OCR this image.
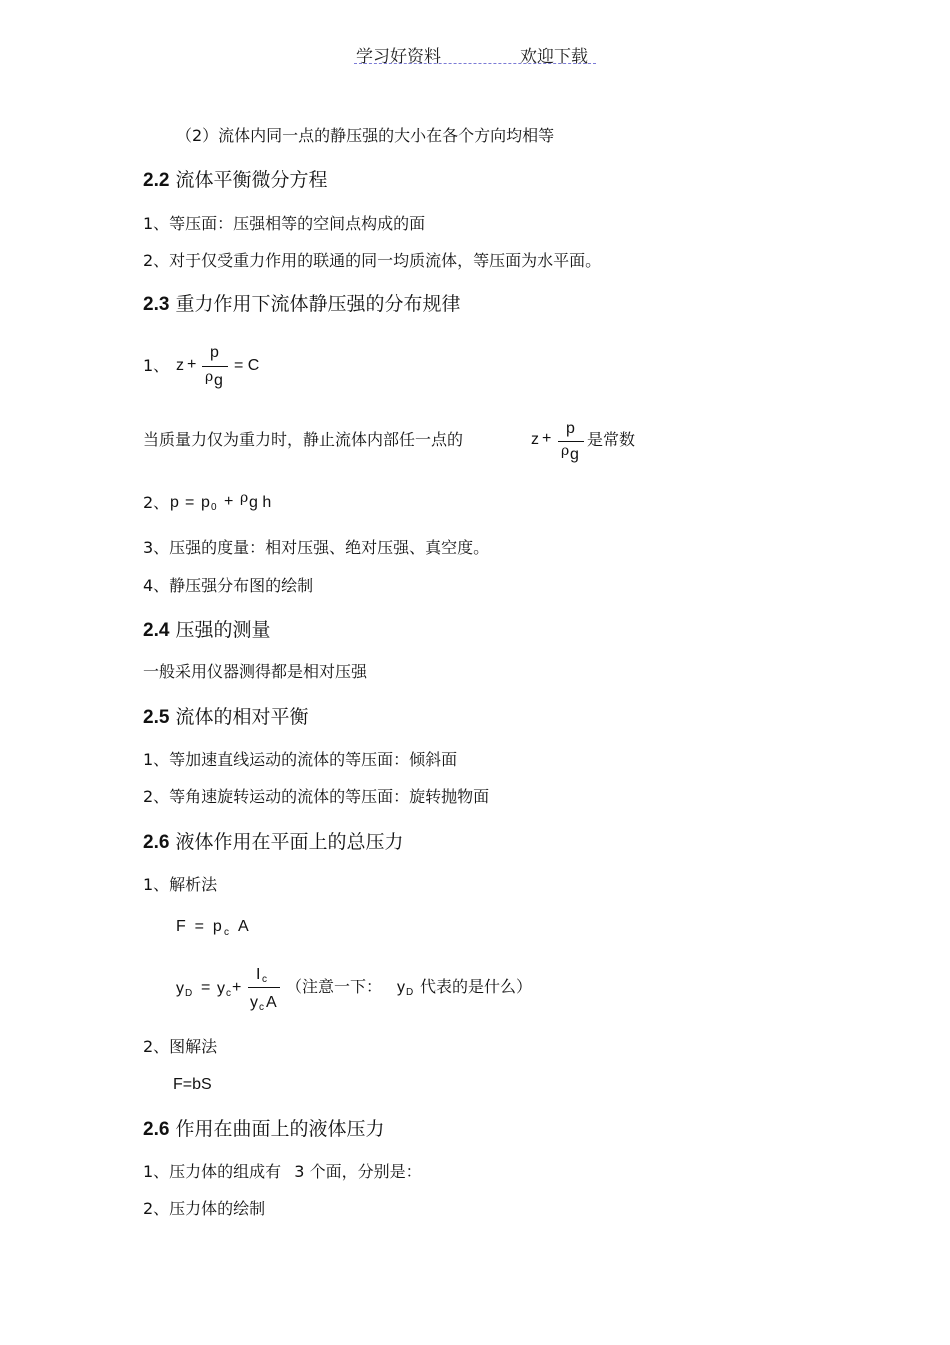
学习好资料	欢迎下载
（2）流体内同一点的静压强的大小在各个方向均相等
2.2 流体平衡微分方程
1、等压面：压强相等的空间点构成的面
2、对于仅受重力作用的联通的同一均质流体，等压面为水平面。
2.3 重力作用下流体静压强的分布规律
1、 z +
p
ρ g
= C
当质量力仅为重力时，静止流体内部任一点的	z +
p
ρ g
是常数
2、 p = p 0 + ρ g h
3、压强的度量：相对压强、绝对压强、真空度。
4、静压强分布图的绘制
2.4 压强的测量
一般采用仪器测得都是相对压强
2.5 流体的相对平衡
1、等加速直线运动的流体的等压面：倾斜面
2、等角速旋转运动的流体的等压面：旋转抛物面
2.6 液体作用在平面上的总压力
1、解析法
F  =  p c A
y D = y c +
I c
y c A
（注意一下： y D 代表的是什么）
2、图解法
F=bS
2.6 作用在曲面上的液体压力
1、压力体的组成有 3 个面，分别是：
2、压力体的绘制
